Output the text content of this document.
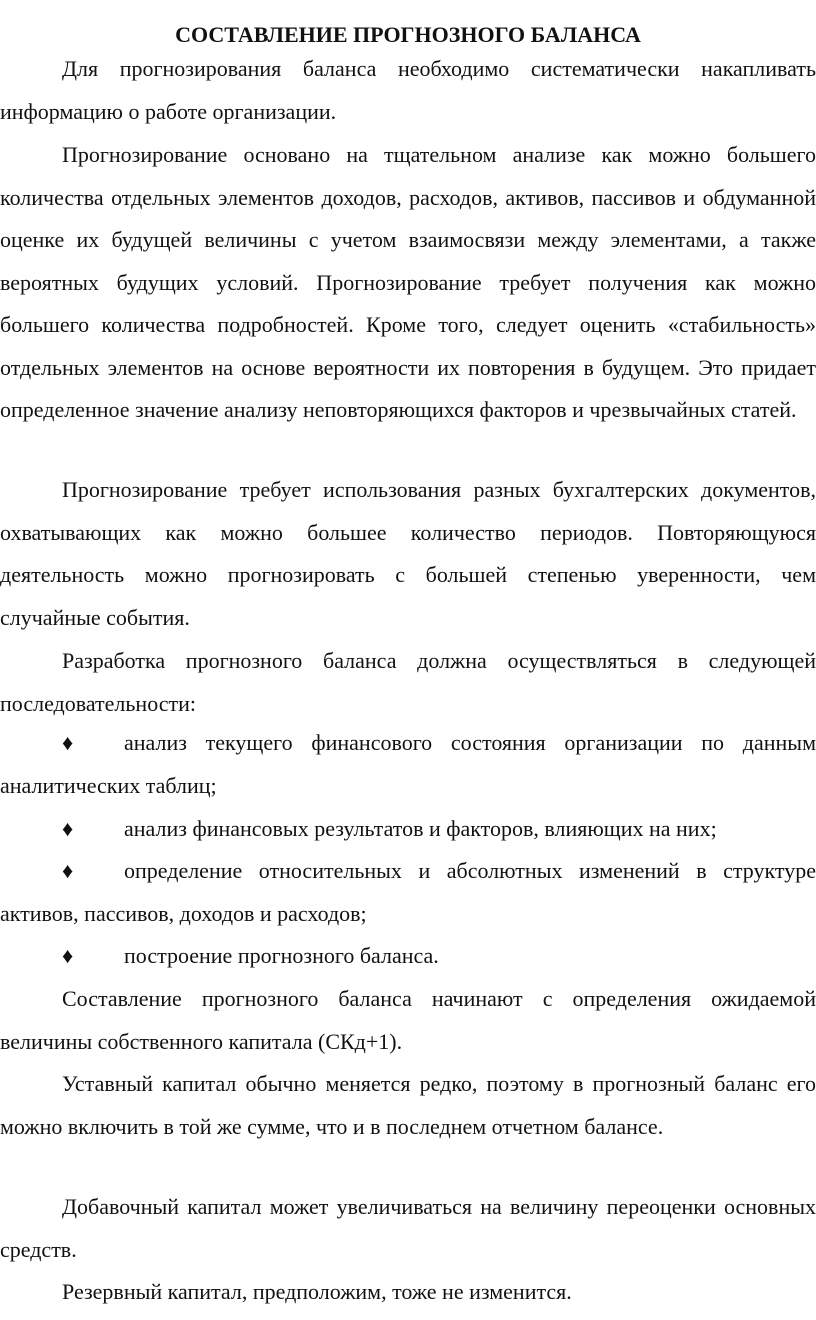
СОСТАВЛЕНИЕ ПРОГНОЗНОГО БАЛАНСА

Для прогнозирования баланса необходимо систематически накапливать информацию о работе организации.

Прогнозирование основано на тщательном анализе как можно большего количества отдельных элементов доходов, расходов, активов, пассивов и обдуманной оценке их будущей величины с учетом взаимосвязи между элементами, а также вероятных будущих условий. Прогнозирование требует получения как можно большего количества подробностей. Кроме того, следует оценить «стабильность» отдельных элементов на основе вероятности их повторения в будущем. Это придает определенное значение анализу неповторяющихся факторов и чрезвычайных статей.

Прогнозирование требует использования разных бухгалтерских документов, охватывающих как можно большее количество периодов. Повторяющуюся деятельность можно прогнозировать с большей степенью уверенности, чем случайные события.

Разработка прогнозного баланса должна осуществляться в следующей последовательности:

♦ анализ текущего финансового состояния организации по данным аналитических таблиц;

♦ анализ финансовых результатов и факторов, влияющих на них;

♦ определение относительных и абсолютных изменений в структуре активов, пассивов, доходов и расходов;

♦ построение прогнозного баланса.

Составление прогнозного баланса начинают с определения ожидаемой величины собственного капитала (СКд+1).

Уставный капитал обычно меняется редко, поэтому в прогнозный баланс его можно включить в той же сумме, что и в последнем отчетном балансе.

Добавочный капитал может увеличиваться на величину переоценки основных средств.

Резервный капитал, предположим, тоже не изменится.
